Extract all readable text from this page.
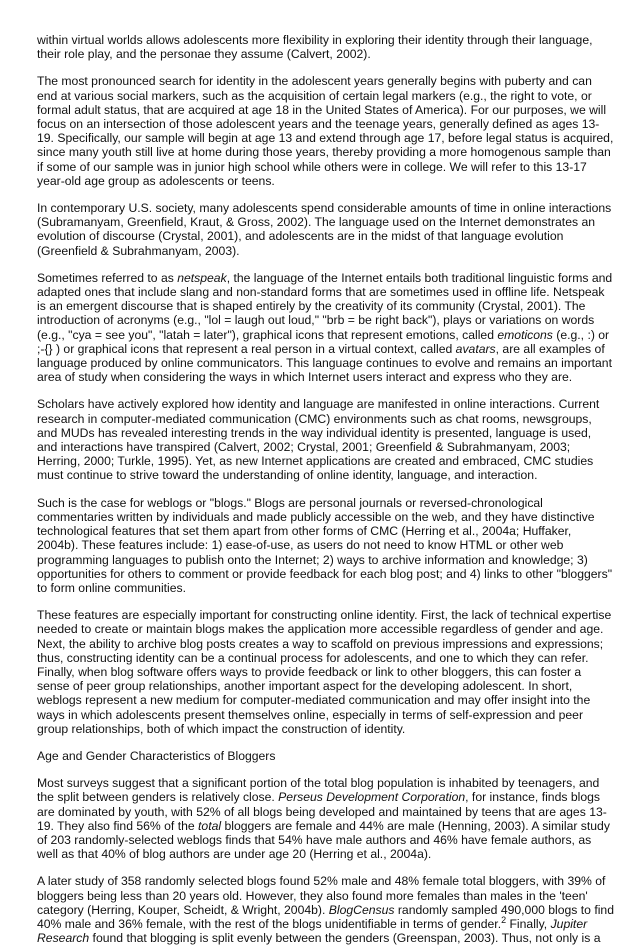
within virtual worlds allows adolescents more flexibility in exploring their identity through their language, their role play, and the personae they assume (Calvert, 2002).

The most pronounced search for identity in the adolescent years generally begins with puberty and can end at various social markers, such as the acquisition of certain legal markers (e.g., the right to vote, or formal adult status, that are acquired at age 18 in the United States of America). For our purposes, we will focus on an intersection of those adolescent years and the teenage years, generally defined as ages 13-19. Specifically, our sample will begin at age 13 and extend through age 17, before legal status is acquired, since many youth still live at home during those years, thereby providing a more homogenous sample than if some of our sample was in junior high school while others were in college. We will refer to this 13-17 year-old age group as adolescents or teens.

In contemporary U.S. society, many adolescents spend considerable amounts of time in online interactions (Subramanyam, Greenfield, Kraut, & Gross, 2002). The language used on the Internet demonstrates an evolution of discourse (Crystal, 2001), and adolescents are in the midst of that language evolution (Greenfield & Subrahmanyam, 2003).

Sometimes referred to as netspeak, the language of the Internet entails both traditional linguistic forms and adapted ones that include slang and non-standard forms that are sometimes used in offline life. Netspeak is an emergent discourse that is shaped entirely by the creativity of its community (Crystal, 2001). The introduction of acronyms (e.g., "lol = laugh out loud," "brb = be right back"), plays or variations on words (e.g., "cya = see you", "latah = later"), graphical icons that represent emotions, called emoticons (e.g., :) or ;-{} ) or graphical icons that represent a real person in a virtual context, called avatars, are all examples of language produced by online communicators. This language continues to evolve and remains an important area of study when considering the ways in which Internet users interact and express who they are.

Scholars have actively explored how identity and language are manifested in online interactions. Current research in computer-mediated communication (CMC) environments such as chat rooms, newsgroups, and MUDs has revealed interesting trends in the way individual identity is presented, language is used, and interactions have transpired (Calvert, 2002; Crystal, 2001; Greenfield & Subrahmanyam, 2003; Herring, 2000; Turkle, 1995). Yet, as new Internet applications are created and embraced, CMC studies must continue to strive toward the understanding of online identity, language, and interaction.

Such is the case for weblogs or "blogs." Blogs are personal journals or reversed-chronological commentaries written by individuals and made publicly accessible on the web, and they have distinctive technological features that set them apart from other forms of CMC (Herring et al., 2004a; Huffaker, 2004b). These features include: 1) ease-of-use, as users do not need to know HTML or other web programming languages to publish onto the Internet; 2) ways to archive information and knowledge; 3) opportunities for others to comment or provide feedback for each blog post; and 4) links to other "bloggers" to form online communities.

These features are especially important for constructing online identity. First, the lack of technical expertise needed to create or maintain blogs makes the application more accessible regardless of gender and age. Next, the ability to archive blog posts creates a way to scaffold on previous impressions and expressions; thus, constructing identity can be a continual process for adolescents, and one to which they can refer. Finally, when blog software offers ways to provide feedback or link to other bloggers, this can foster a sense of peer group relationships, another important aspect for the developing adolescent. In short, weblogs represent a new medium for computer-mediated communication and may offer insight into the ways in which adolescents present themselves online, especially in terms of self-expression and peer group relationships, both of which impact the construction of identity.

Age and Gender Characteristics of Bloggers

Most surveys suggest that a significant portion of the total blog population is inhabited by teenagers, and the split between genders is relatively close. Perseus Development Corporation, for instance, finds blogs are dominated by youth, with 52% of all blogs being developed and maintained by teens that are ages 13-19. They also find 56% of the total bloggers are female and 44% are male (Henning, 2003). A similar study of 203 randomly-selected weblogs finds that 54% have male authors and 46% have female authors, as well as that 40% of blog authors are under age 20 (Herring et al., 2004a).

A later study of 358 randomly selected blogs found 52% male and 48% female total bloggers, with 39% of bloggers being less than 20 years old. However, they also found more females than males in the 'teen' category (Herring, Kouper, Scheidt, & Wright, 2004b). BlogCensus randomly sampled 490,000 blogs to find 40% male and 36% female, with the rest of the blogs unidentifiable in terms of gender.$^2$ Finally, Jupiter Research found that blogging is split evenly between the genders (Greenspan, 2003). Thus, not only is a
